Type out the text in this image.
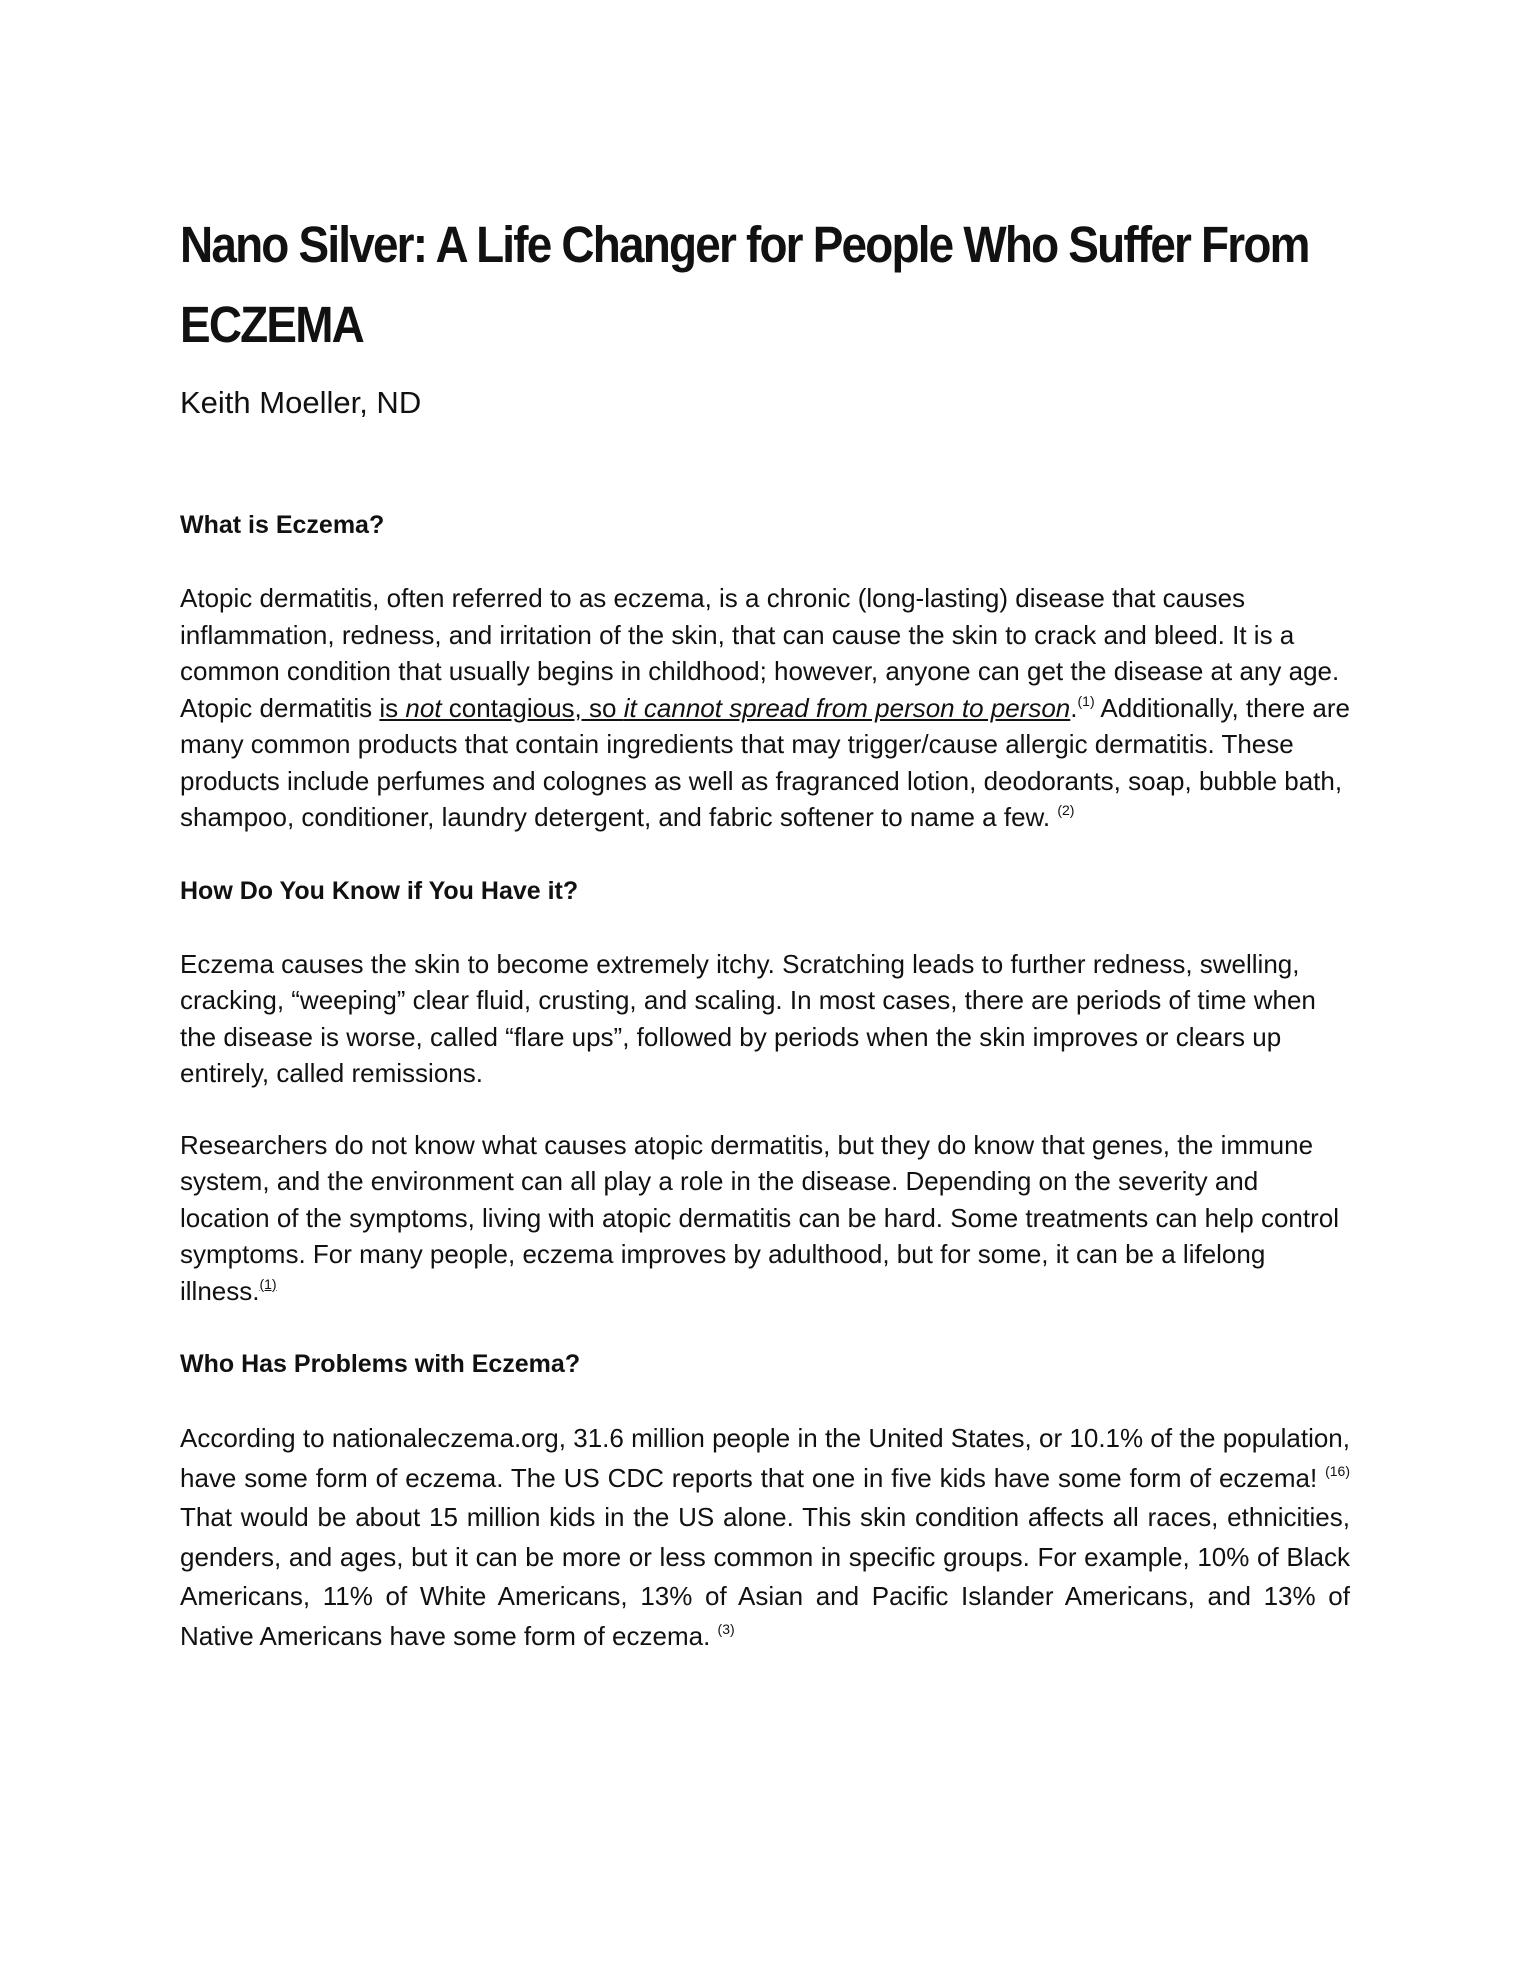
Nano Silver: A Life Changer for People Who Suffer From ECZEMA
Keith Moeller, ND
What is Eczema?

Atopic dermatitis, often referred to as eczema, is a chronic (long-lasting) disease that causes inflammation, redness, and irritation of the skin, that can cause the skin to crack and bleed. It is a common condition that usually begins in childhood; however, anyone can get the disease at any age. Atopic dermatitis is not contagious, so it cannot spread from person to person.$^{(1)}$ Additionally, there are many common products that contain ingredients that may trigger/cause allergic dermatitis. These products include perfumes and colognes as well as fragranced lotion, deodorants, soap, bubble bath, shampoo, conditioner, laundry detergent, and fabric softener to name a few. $^{(2)}$

How Do You Know if You Have it?

Eczema causes the skin to become extremely itchy. Scratching leads to further redness, swelling, cracking, “weeping” clear fluid, crusting, and scaling. In most cases, there are periods of time when the disease is worse, called “flare ups”, followed by periods when the skin improves or clears up entirely, called remissions.

Researchers do not know what causes atopic dermatitis, but they do know that genes, the immune system, and the environment can all play a role in the disease. Depending on the severity and location of the symptoms, living with atopic dermatitis can be hard. Some treatments can help control symptoms. For many people, eczema improves by adulthood, but for some, it can be a lifelong illness.$^{(1)}$

Who Has Problems with Eczema?

According to nationaleczema.org, 31.6 million people in the United States, or 10.1% of the population, have some form of eczema. The US CDC reports that one in five kids have some form of eczema! $^{(16)}$ That would be about 15 million kids in the US alone. This skin condition affects all races, ethnicities, genders, and ages, but it can be more or less common in specific groups. For example, 10% of Black Americans, 11% of White Americans, 13% of Asian and Pacific Islander Americans, and 13% of Native Americans have some form of eczema. $^{(3)}$
